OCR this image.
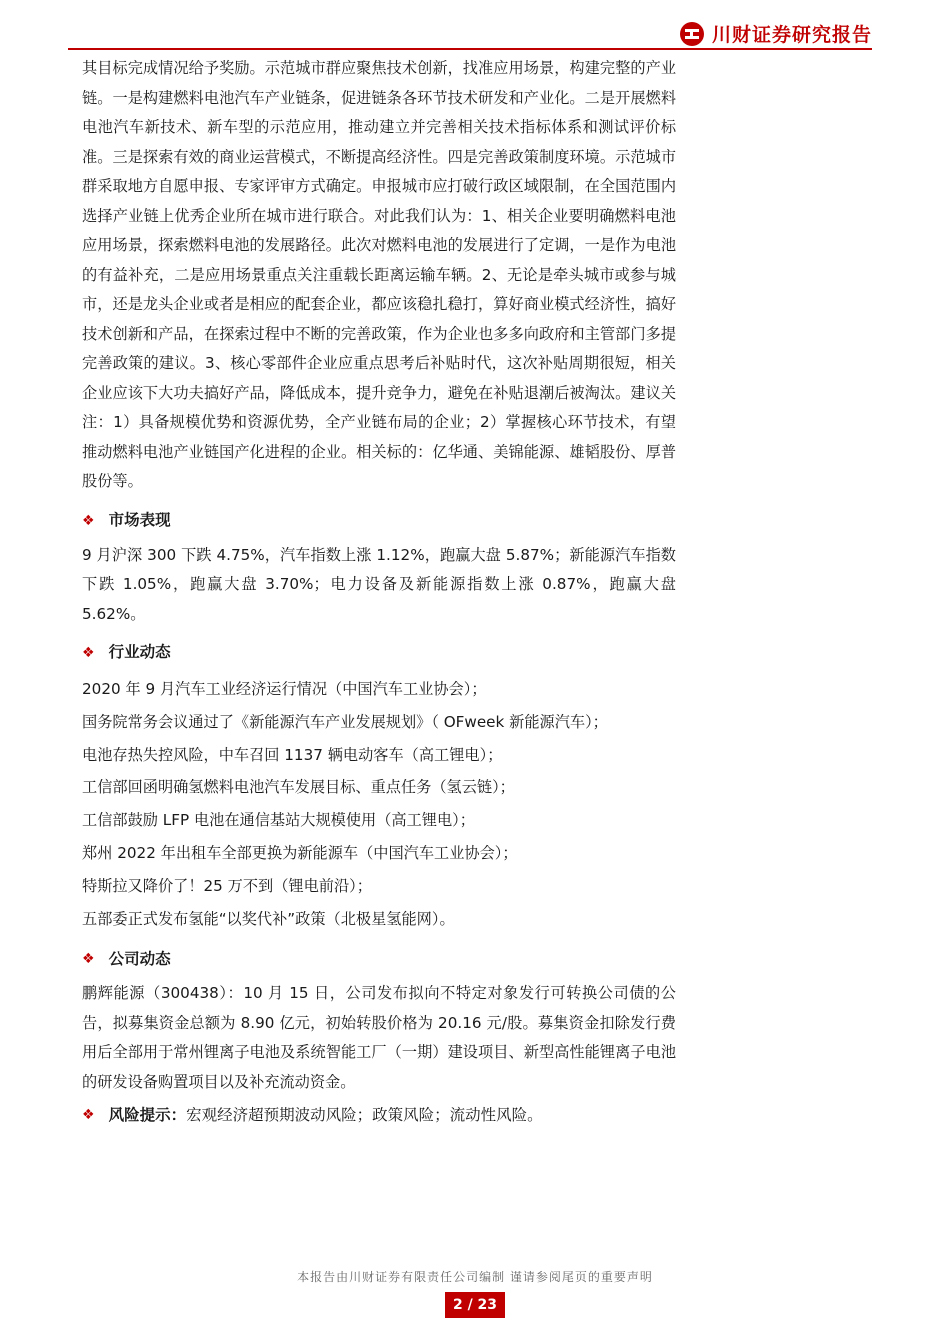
川财证券研究报告

其目标完成情况给予奖励。示范城市群应聚焦技术创新，找准应用场景，构建完整的产业链。一是构建燃料电池汽车产业链条，促进链条各环节技术研发和产业化。二是开展燃料电池汽车新技术、新车型的示范应用，推动建立并完善相关技术指标体系和测试评价标准。三是探索有效的商业运营模式，不断提高经济性。四是完善政策制度环境。示范城市群采取地方自愿申报、专家评审方式确定。申报城市应打破行政区域限制，在全国范围内选择产业链上优秀企业所在城市进行联合。对此我们认为：1、相关企业要明确燃料电池应用场景，探索燃料电池的发展路径。此次对燃料电池的发展进行了定调，一是作为电池的有益补充，二是应用场景重点关注重载长距离运输车辆。2、无论是牵头城市或参与城市，还是龙头企业或者是相应的配套企业，都应该稳扎稳打，算好商业模式经济性，搞好技术创新和产品，在探索过程中不断的完善政策，作为企业也多多向政府和主管部门多提完善政策的建议。3、核心零部件企业应重点思考后补贴时代，这次补贴周期很短，相关企业应该下大功夫搞好产品，降低成本，提升竞争力，避免在补贴退潮后被淘汰。建议关注：1）具备规模优势和资源优势，全产业链布局的企业；2）掌握核心环节技术，有望推动燃料电池产业链国产化进程的企业。相关标的：亿华通、美锦能源、雄韬股份、厚普股份等。

❖ 市场表现

9 月沪深 300 下跌 4.75%，汽车指数上涨 1.12%，跑赢大盘 5.87%；新能源汽车指数下跌 1.05%，跑赢大盘 3.70%；电力设备及新能源指数上涨 0.87%，跑赢大盘 5.62%。

❖ 行业动态
2020 年 9 月汽车工业经济运行情况（中国汽车工业协会）；
国务院常务会议通过了《新能源汽车产业发展规划》（ OFweek 新能源汽车）；
电池存热失控风险，中车召回 1137 辆电动客车（高工锂电）；
工信部回函明确氢燃料电池汽车发展目标、重点任务（氢云链）；
工信部鼓励 LFP 电池在通信基站大规模使用（高工锂电）；
郑州 2022 年出租车全部更换为新能源车（中国汽车工业协会）；
特斯拉又降价了！25 万不到（锂电前沿）；
五部委正式发布氢能“以奖代补”政策（北极星氢能网）。
❖ 公司动态

鹏辉能源（300438）：10 月 15 日，公司发布拟向不特定对象发行可转换公司债的公告，拟募集资金总额为 8.90 亿元，初始转股价格为 20.16 元/股。募集资金扣除发行费用后全部用于常州锂离子电池及系统智能工厂（一期）建设项目、新型高性能锂离子电池的研发设备购置项目以及补充流动资金。

❖ 风险提示： 宏观经济超预期波动风险；政策风险；流动性风险。
本报告由川财证券有限责任公司编制 谨请参阅尾页的重要声明
2 / 23
